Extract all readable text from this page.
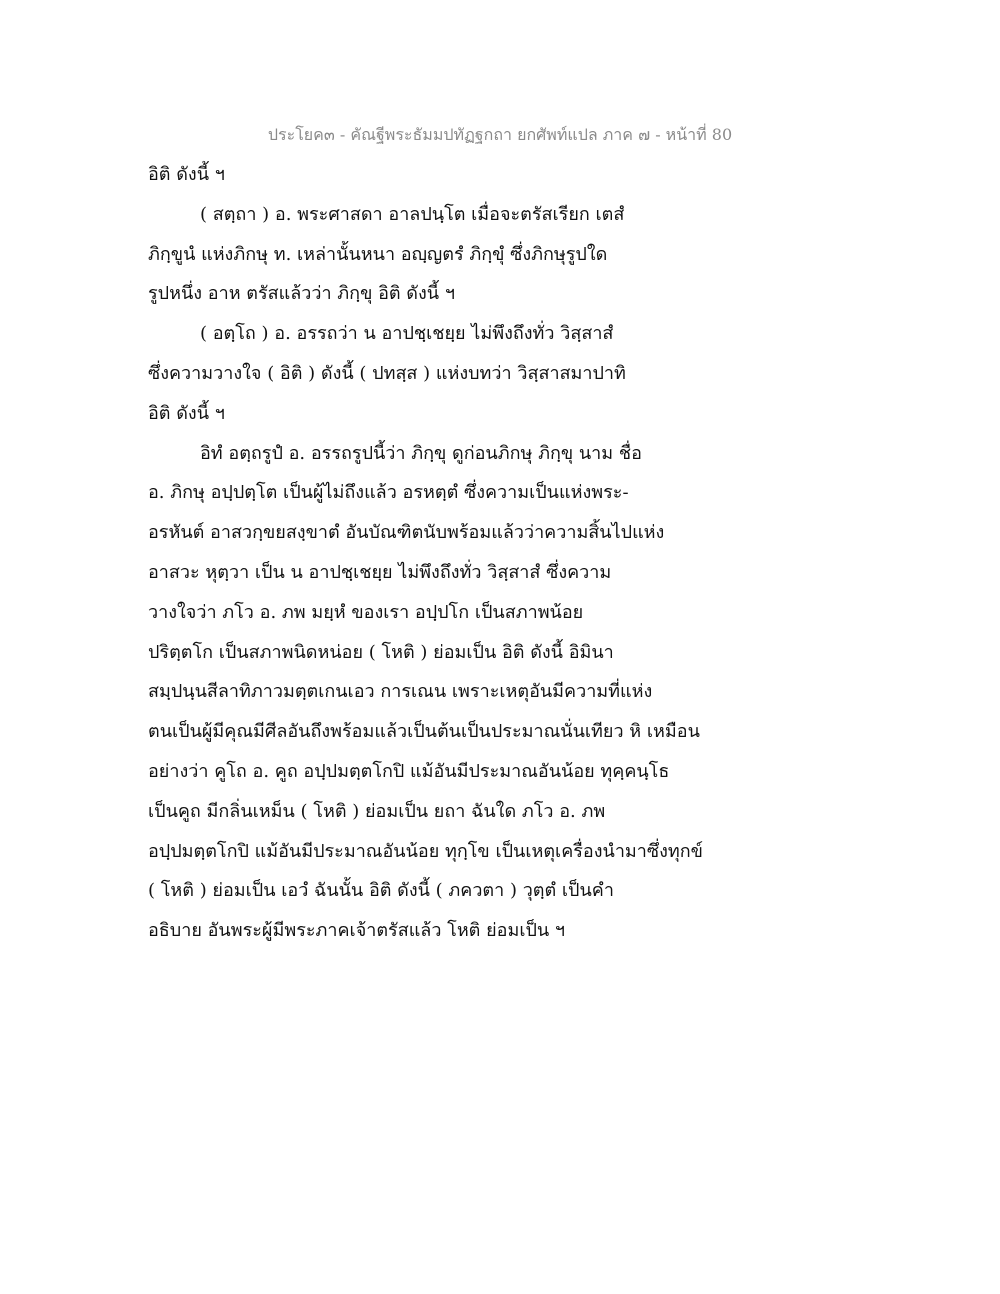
ประโยค๓ - คัณฐีพระธัมมปทัฏฐกถา ยกศัพท์แปล ภาค ๗ - หน้าที่ 80
อิติ ดังนี้ ฯ
( สตฺถา ) อ. พระศาสดา อาลปนฺโต เมื่อจะตรัสเรียก เตสํ
ภิกฺขูนํ แห่งภิกษุ ท. เหล่านั้นหนา อญฺญตรํ ภิกฺขุํ ซึ่งภิกษุรูปใด
รูปหนึ่ง อาห ตรัสแล้วว่า ภิกฺขุ อิติ ดังนี้ ฯ
( อตฺโถ ) อ. อรรถว่า น อาปชฺเชยฺย ไม่พึงถึงทั่ว วิสฺสาสํ
ซึ่งความวางใจ ( อิติ ) ดังนี้ ( ปทสฺส ) แห่งบทว่า วิสฺสาสมาปาทิ
อิติ ดังนี้ ฯ
อิทํ อตฺถรูปํ อ. อรรถรูปนี้ว่า ภิกฺขุ ดูก่อนภิกษุ ภิกฺขุ นาม ชื่อ
อ. ภิกษุ อปฺปตฺโต เป็นผู้ไม่ถึงแล้ว อรหตฺตํ ซึ่งความเป็นแห่งพระ-
อรหันต์ อาสวกฺขยสงฺขาตํ อันบัณฑิตนับพร้อมแล้วว่าความสิ้นไปแห่ง
อาสวะ หุตฺวา เป็น น อาปชฺเชยฺย ไม่พึงถึงทั่ว วิสฺสาสํ ซึ่งความ
วางใจว่า ภโว อ. ภพ มยฺหํ ของเรา อปฺปโก เป็นสภาพน้อย
ปริตฺตโก เป็นสภาพนิดหน่อย ( โหติ ) ย่อมเป็น อิติ ดังนี้ อิมินา
สมฺปนฺนสีลาทิภาวมตฺตเกนเอว การเณน เพราะเหตุอันมีความที่แห่ง
ตนเป็นผู้มีคุณมีศีลอันถึงพร้อมแล้วเป็นต้นเป็นประมาณนั่นเทียว หิ เหมือน
อย่างว่า คูโถ อ. คูถ อปฺปมตฺตโกปิ แม้อันมีประมาณอันน้อย ทุคฺคนฺโธ
เป็นคูถ มีกลิ่นเหม็น ( โหติ ) ย่อมเป็น ยถา ฉันใด ภโว อ. ภพ
อปฺปมตฺตโกปิ แม้อันมีประมาณอันน้อย ทุกฺโข เป็นเหตุเครื่องนำมาซึ่งทุกข์
( โหติ ) ย่อมเป็น เอวํ ฉันนั้น อิติ ดังนี้ ( ภควตา ) วุตฺตํ เป็นคำ
อธิบาย อันพระผู้มีพระภาคเจ้าตรัสแล้ว โหติ ย่อมเป็น ฯ
